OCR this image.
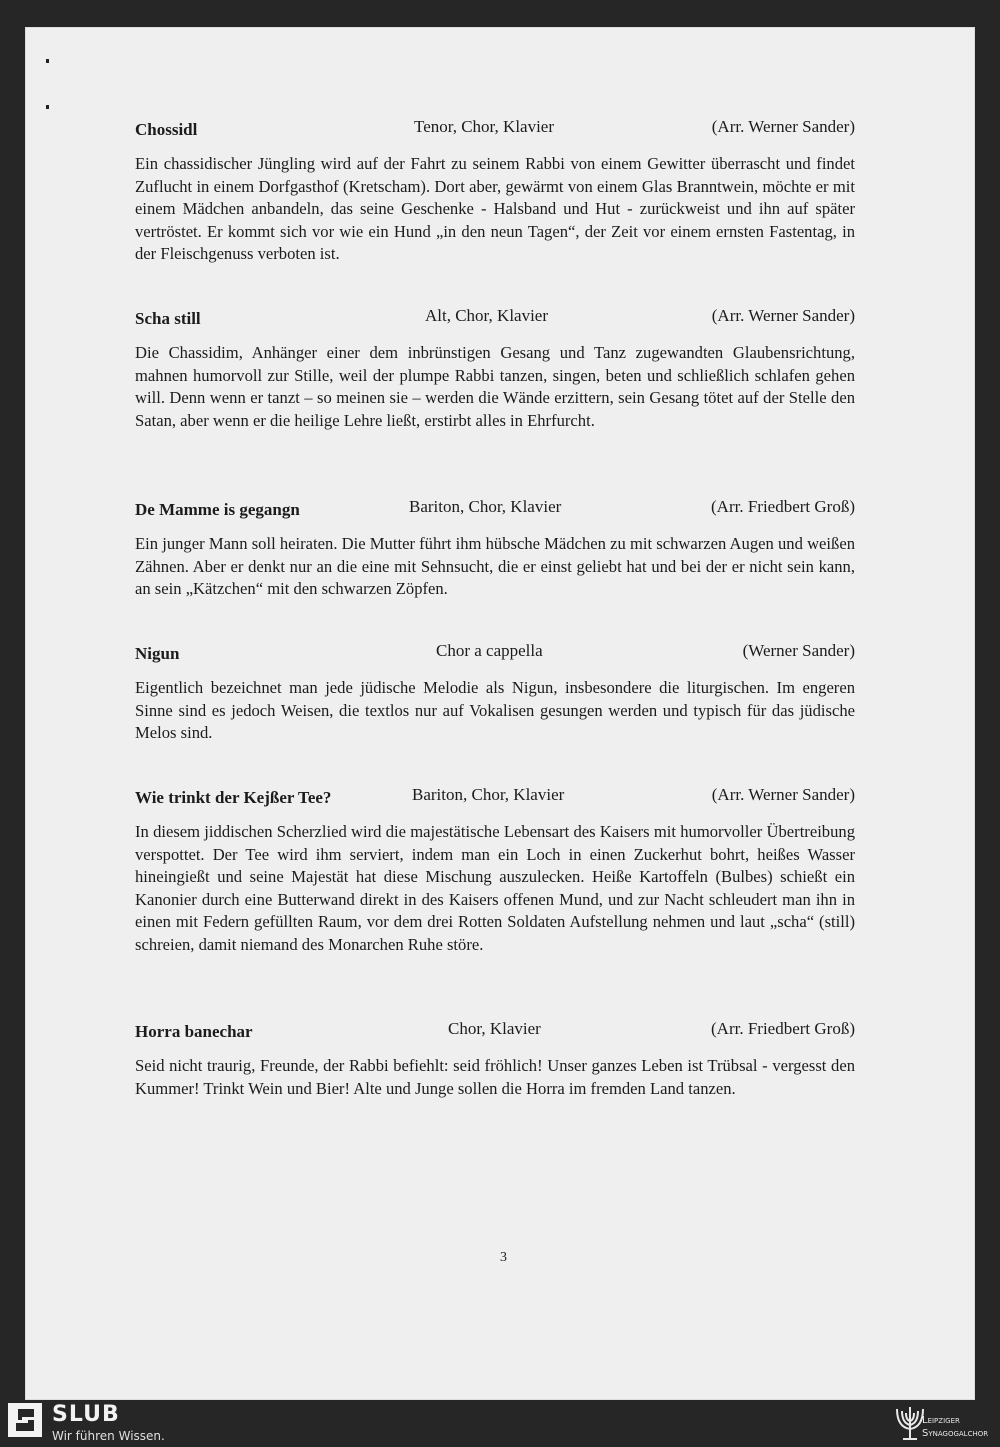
Chossidl	Tenor, Chor, Klavier	(Arr. Werner Sander)
Ein chassidischer Jüngling wird auf der Fahrt zu seinem Rabbi von einem Gewitter überrascht und findet Zuflucht in einem Dorfgasthof (Kretscham). Dort aber, gewärmt von einem Glas Branntwein, möchte er mit einem Mädchen anbandeln, das seine Geschenke - Halsband und Hut - zurückweist und ihn auf später vertröstet. Er kommt sich vor wie ein Hund „in den neun Tagen“, der Zeit vor einem ernsten Fastentag, in der Fleischgenuss verboten ist.
Scha still	Alt, Chor, Klavier	(Arr. Werner Sander)
Die Chassidim, Anhänger einer dem inbrünstigen Gesang und Tanz zugewandten Glaubensrichtung, mahnen humorvoll zur Stille, weil der plumpe Rabbi tanzen, singen, beten und schließlich schlafen gehen will. Denn wenn er tanzt – so meinen sie – werden die Wände erzittern, sein Gesang tötet auf der Stelle den Satan, aber wenn er die heilige Lehre ließt, erstirbt alles in Ehrfurcht.
De Mamme is gegangn	Bariton, Chor, Klavier	(Arr. Friedbert Groß)
Ein junger Mann soll heiraten. Die Mutter führt ihm hübsche Mädchen zu mit schwarzen Augen und weißen Zähnen. Aber er denkt nur an die eine mit Sehnsucht, die er einst geliebt hat und bei der er nicht sein kann, an sein „Kätzchen“ mit den schwarzen Zöpfen.
Nigun	Chor a cappella	(Werner Sander)
Eigentlich bezeichnet man jede jüdische Melodie als Nigun, insbesondere die liturgischen. Im engeren Sinne sind es jedoch Weisen, die textlos nur auf Vokalisen gesungen werden und typisch für das jüdische Melos sind.
Wie trinkt der Kejßer Tee?	Bariton, Chor, Klavier	(Arr. Werner Sander)
In diesem jiddischen Scherzlied wird die majestätische Lebensart des Kaisers mit humorvoller Übertreibung verspottet. Der Tee wird ihm serviert, indem man ein Loch in einen Zuckerhut bohrt, heißes Wasser hineingießt und seine Majestät hat diese Mischung auszulecken. Heiße Kartoffeln (Bulbes) schießt ein Kanonier durch eine Butterwand direkt in des Kaisers offenen Mund, und zur Nacht schleudert man ihn in einen mit Federn gefüllten Raum, vor dem drei Rotten Soldaten Aufstellung nehmen und laut „scha“ (still) schreien, damit niemand des Monarchen Ruhe störe.
Horra banechar	Chor, Klavier	(Arr. Friedbert Groß)
Seid nicht traurig, Freunde, der Rabbi befiehlt: seid fröhlich! Unser ganzes Leben ist Trübsal - vergesst den Kummer! Trinkt Wein und Bier! Alte und Junge sollen die Horra im fremden Land tanzen.
3
SLUB
Wir führen Wissen.
Leipziger
Synagogalchor
